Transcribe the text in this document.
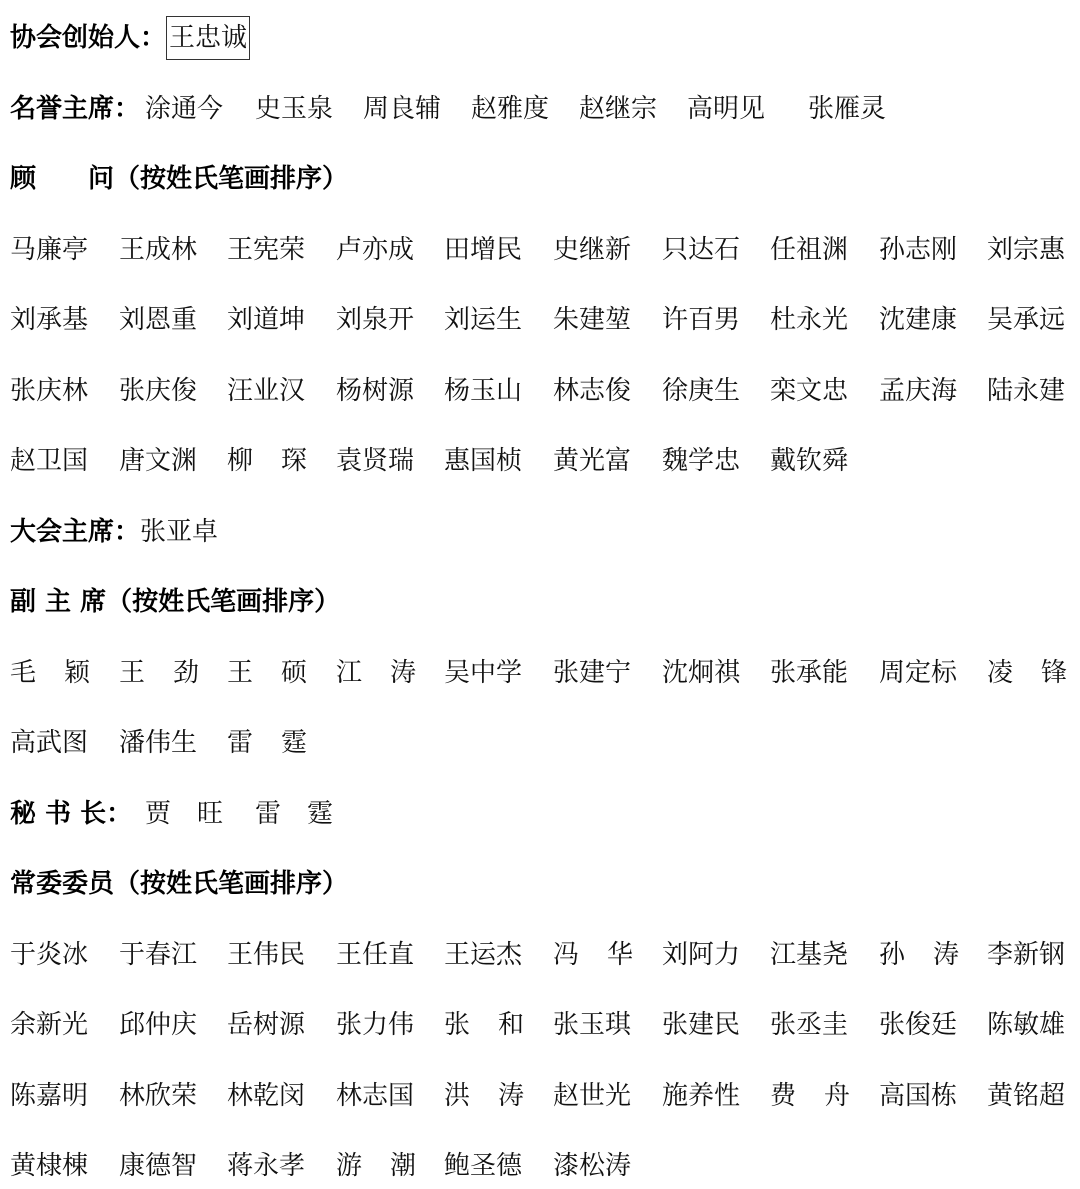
协会创始人： 王忠诚
名誉主席： 涂通今 史玉泉 周良辅 赵雅度 赵继宗 高明见 张雁灵
顾　　问（按姓氏笔画排序）
马廉亭 王成林 王宪荣 卢亦成 田增民 史继新 只达石 任祖渊 孙志刚 刘宗惠
刘承基 刘恩重 刘道坤 刘泉开 刘运生 朱建堃 许百男 杜永光 沈建康 吴承远
张庆林 张庆俊 汪业汉 杨树源 杨玉山 林志俊 徐庚生 栾文忠 孟庆海 陆永建
赵卫国 唐文渊 柳 琛 袁贤瑞 惠国桢 黄光富 魏学忠 戴钦舜
大会主席： 张亚卓
副 主 席（按姓氏笔画排序）
毛 颖 王 劲 王 硕 江 涛 吴中学 张建宁 沈炯祺 张承能 周定标 凌 锋
高武图 潘伟生 雷 霆
秘 书 长： 贾　旺 雷　霆
常委委员（按姓氏笔画排序）
于炎冰 于春江 王伟民 王任直 王运杰 冯 华 刘阿力 江基尧 孙 涛 李新钢
余新光 邱仲庆 岳树源 张力伟 张 和 张玉琪 张建民 张丞圭 张俊廷 陈敏雄
陈嘉明 林欣荣 林乾闵 林志国 洪 涛 赵世光 施养性 费 舟 高国栋 黄铭超
黄棣棟 康德智 蒋永孝 游 潮 鲍圣德 漆松涛
